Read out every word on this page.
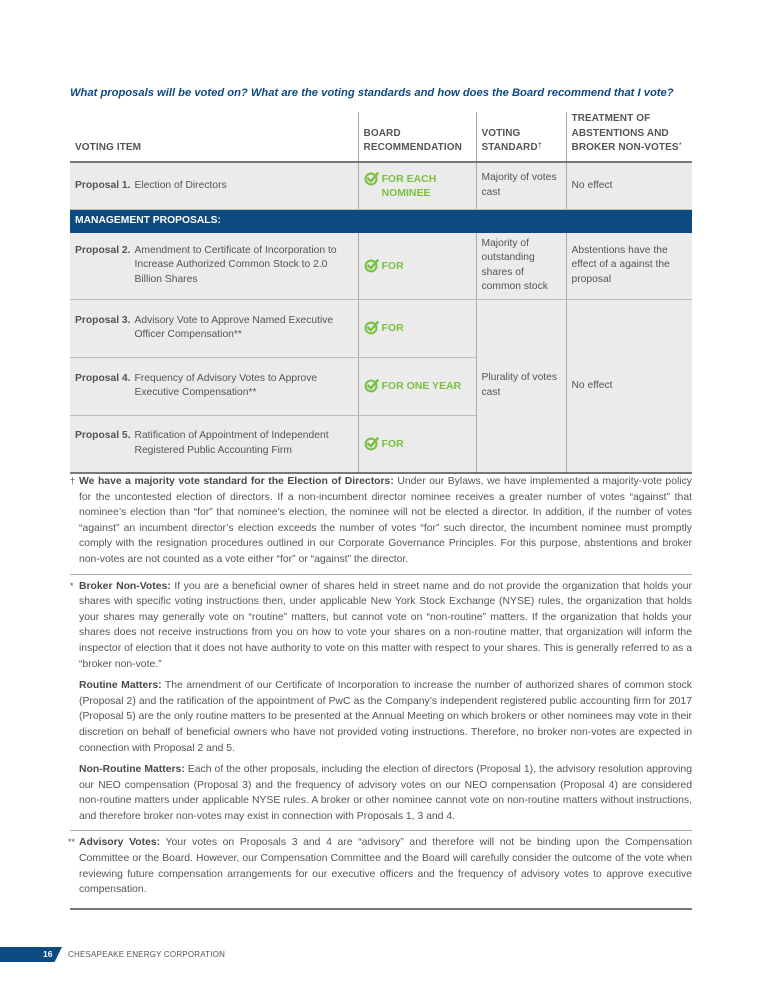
What proposals will be voted on? What are the voting standards and how does the Board recommend that I vote?
VOTING ITEM	BOARD RECOMMENDATION	VOTING STANDARD†	TREATMENT OF ABSTENTIONS AND BROKER NON-VOTES*

Proposal 1. Election of Directors	FOR EACH NOMINEE	Majority of votes cast	No effect
MANAGEMENT PROPOSALS:			

Proposal 2. Amendment to Certificate of Incorporation to Increase Authorized Common Stock to 2.0 Billion Shares	FOR	Majority of outstanding shares of common stock	Abstentions have the effect of a against the proposal

Proposal 3. Advisory Vote to Approve Named Executive Officer Compensation**	FOR	Plurality of votes cast	No effect

Proposal 4. Frequency of Advisory Votes to Approve Executive Compensation**	FOR ONE YEAR		

Proposal 5. Ratification of Appointment of Independent Registered Public Accounting Firm	FOR		
† We have a majority vote standard for the Election of Directors: Under our Bylaws, we have implemented a majority-vote policy for the uncontested election of directors. If a non-incumbent director nominee receives a greater number of votes “against” that nominee’s election than “for” that nominee’s election, the nominee will not be elected a director. In addition, if the number of votes “against” an incumbent director’s election exceeds the number of votes “for” such director, the incumbent nominee must promptly comply with the resignation procedures outlined in our Corporate Governance Principles. For this purpose, abstentions and broker non-votes are not counted as a vote either “for” or “against” the director.

* Broker Non-Votes: If you are a beneficial owner of shares held in street name and do not provide the organization that holds your shares with specific voting instructions then, under applicable New York Stock Exchange (NYSE) rules, the organization that holds your shares may generally vote on “routine” matters, but cannot vote on “non-routine” matters. If the organization that holds your shares does not receive instructions from you on how to vote your shares on a non-routine matter, that organization will inform the inspector of election that it does not have authority to vote on this matter with respect to your shares. This is generally referred to as a “broker non-vote.”

Routine Matters: The amendment of our Certificate of Incorporation to increase the number of authorized shares of common stock (Proposal 2) and the ratification of the appointment of PwC as the Company’s independent registered public accounting firm for 2017 (Proposal 5) are the only routine matters to be presented at the Annual Meeting on which brokers or other nominees may vote in their discretion on behalf of beneficial owners who have not provided voting instructions. Therefore, no broker non-votes are expected in connection with Proposal 2 and 5.

Non-Routine Matters: Each of the other proposals, including the election of directors (Proposal 1), the advisory resolution approving our NEO compensation (Proposal 3) and the frequency of advisory votes on our NEO compensation (Proposal 4) are considered non-routine matters under applicable NYSE rules. A broker or other nominee cannot vote on non-routine matters without instructions, and therefore broker non-votes may exist in connection with Proposals 1, 3 and 4.

** Advisory Votes: Your votes on Proposals 3 and 4 are “advisory” and therefore will not be binding upon the Compensation Committee or the Board. However, our Compensation Committee and the Board will carefully consider the outcome of the vote when reviewing future compensation arrangements for our executive officers and the frequency of advisory votes to approve executive compensation.

16 CHESAPEAKE ENERGY CORPORATION
